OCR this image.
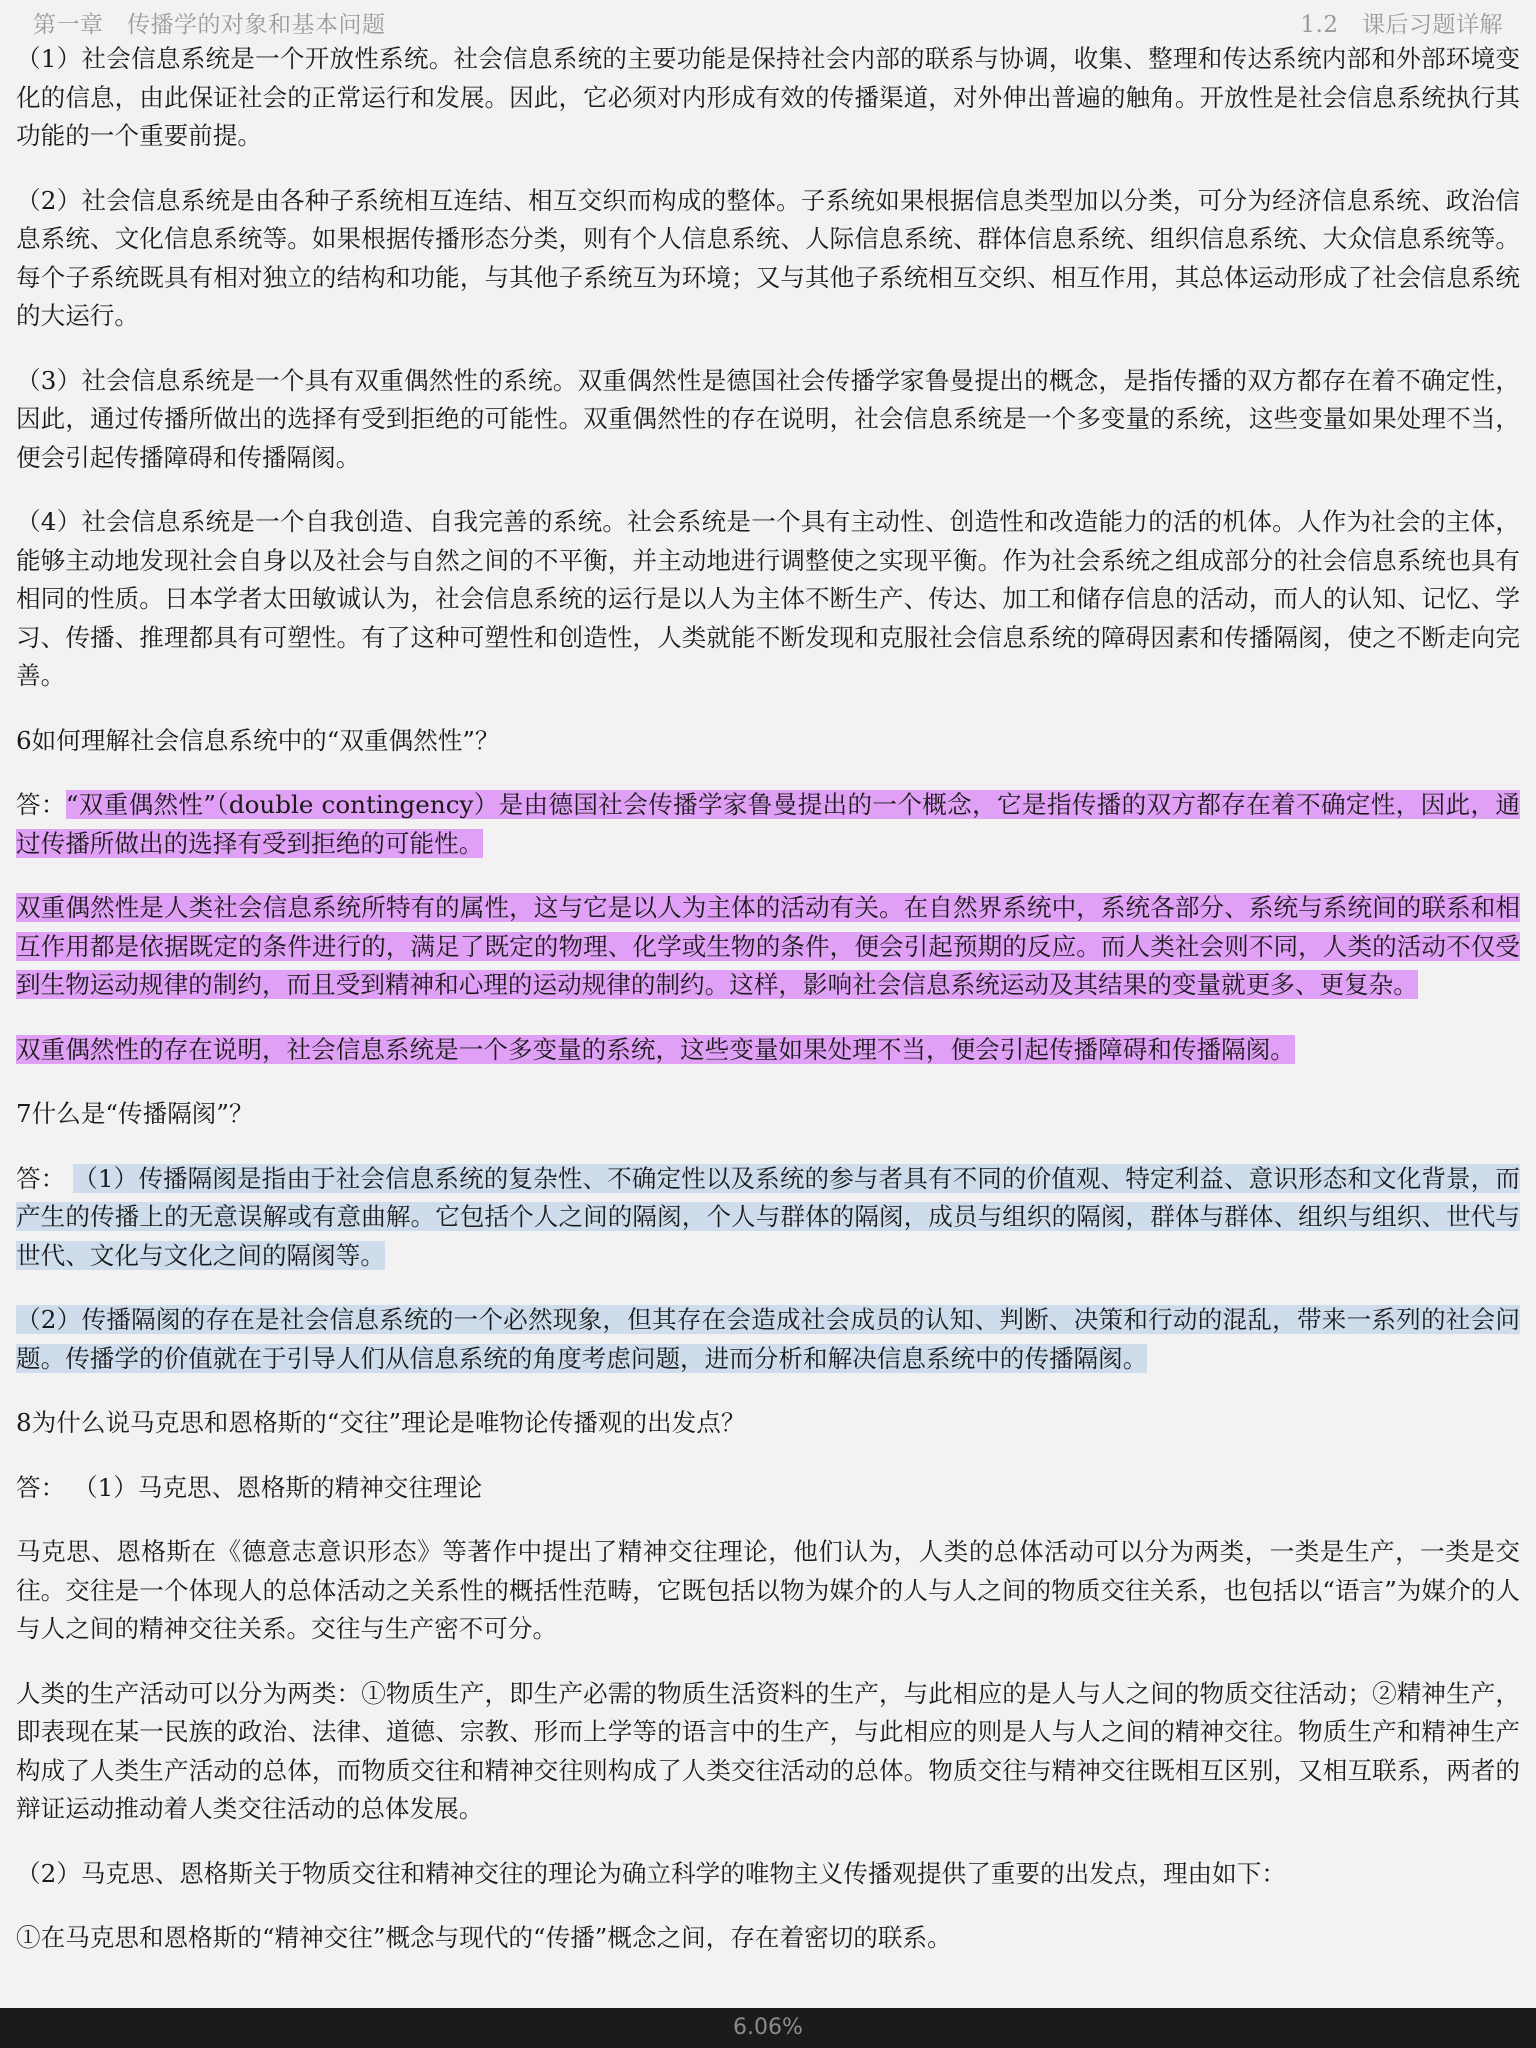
第一章　传播学的对象和基本问题	1.2　课后习题详解

（1）社会信息系统是一个开放性系统。社会信息系统的主要功能是保持社会内部的联系与协调，收集、整理和传达系统内部和外部环境变化的信息，由此保证社会的正常运行和发展。因此，它必须对内形成有效的传播渠道，对外伸出普遍的触角。开放性是社会信息系统执行其功能的一个重要前提。

（2）社会信息系统是由各种子系统相互连结、相互交织而构成的整体。子系统如果根据信息类型加以分类，可分为经济信息系统、政治信息系统、文化信息系统等。如果根据传播形态分类，则有个人信息系统、人际信息系统、群体信息系统、组织信息系统、大众信息系统等。每个子系统既具有相对独立的结构和功能，与其他子系统互为环境；又与其他子系统相互交织、相互作用，其总体运动形成了社会信息系统的大运行。

（3）社会信息系统是一个具有双重偶然性的系统。双重偶然性是德国社会传播学家鲁曼提出的概念，是指传播的双方都存在着不确定性，因此，通过传播所做出的选择有受到拒绝的可能性。双重偶然性的存在说明，社会信息系统是一个多变量的系统，这些变量如果处理不当，便会引起传播障碍和传播隔阂。

（4）社会信息系统是一个自我创造、自我完善的系统。社会系统是一个具有主动性、创造性和改造能力的活的机体。人作为社会的主体，能够主动地发现社会自身以及社会与自然之间的不平衡，并主动地进行调整使之实现平衡。作为社会系统之组成部分的社会信息系统也具有相同的性质。日本学者太田敏诚认为，社会信息系统的运行是以人为主体不断生产、传达、加工和储存信息的活动，而人的认知、记忆、学习、传播、推理都具有可塑性。有了这种可塑性和创造性，人类就能不断发现和克服社会信息系统的障碍因素和传播隔阂，使之不断走向完善。

6如何理解社会信息系统中的“双重偶然性”？

答：“双重偶然性”（double contingency）是由德国社会传播学家鲁曼提出的一个概念，它是指传播的双方都存在着不确定性，因此，通过传播所做出的选择有受到拒绝的可能性。

双重偶然性是人类社会信息系统所特有的属性，这与它是以人为主体的活动有关。在自然界系统中，系统各部分、系统与系统间的联系和相互作用都是依据既定的条件进行的，满足了既定的物理、化学或生物的条件，便会引起预期的反应。而人类社会则不同，人类的活动不仅受到生物运动规律的制约，而且受到精神和心理的运动规律的制约。这样，影响社会信息系统运动及其结果的变量就更多、更复杂。

双重偶然性的存在说明，社会信息系统是一个多变量的系统，这些变量如果处理不当，便会引起传播障碍和传播隔阂。

7什么是“传播隔阂”？

答： （1）传播隔阂是指由于社会信息系统的复杂性、不确定性以及系统的参与者具有不同的价值观、特定利益、意识形态和文化背景，而产生的传播上的无意误解或有意曲解。它包括个人之间的隔阂，个人与群体的隔阂，成员与组织的隔阂，群体与群体、组织与组织、世代与世代、文化与文化之间的隔阂等。

（2）传播隔阂的存在是社会信息系统的一个必然现象，但其存在会造成社会成员的认知、判断、决策和行动的混乱，带来一系列的社会问题。传播学的价值就在于引导人们从信息系统的角度考虑问题，进而分析和解决信息系统中的传播隔阂。

8为什么说马克思和恩格斯的“交往”理论是唯物论传播观的出发点？

答： （1）马克思、恩格斯的精神交往理论

马克思、恩格斯在《德意志意识形态》等著作中提出了精神交往理论，他们认为，人类的总体活动可以分为两类，一类是生产，一类是交往。交往是一个体现人的总体活动之关系性的概括性范畴，它既包括以物为媒介的人与人之间的物质交往关系，也包括以“语言”为媒介的人与人之间的精神交往关系。交往与生产密不可分。

人类的生产活动可以分为两类：①物质生产，即生产必需的物质生活资料的生产，与此相应的是人与人之间的物质交往活动；②精神生产，即表现在某一民族的政治、法律、道德、宗教、形而上学等的语言中的生产，与此相应的则是人与人之间的精神交往。物质生产和精神生产构成了人类生产活动的总体，而物质交往和精神交往则构成了人类交往活动的总体。物质交往与精神交往既相互区别，又相互联系，两者的辩证运动推动着人类交往活动的总体发展。

（2）马克思、恩格斯关于物质交往和精神交往的理论为确立科学的唯物主义传播观提供了重要的出发点，理由如下：

①在马克思和恩格斯的“精神交往”概念与现代的“传播”概念之间，存在着密切的联系。

6.06%
